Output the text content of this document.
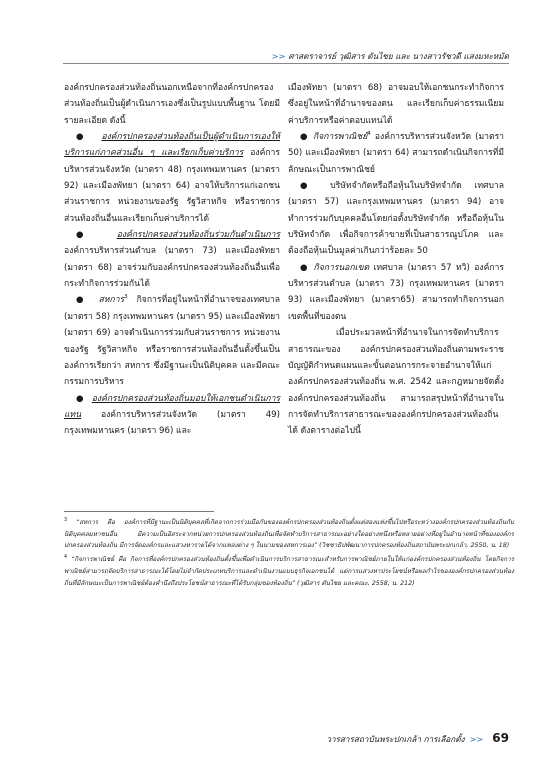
>> ศาสตราจารย์ วุฒิสาร ตันไชย และ นางสาวรัชวดี แสงมหะหมัด

องค์กรปกครองส่วนท้องถิ่นนอกเหนือจากที่องค์กรปกครองส่วนท้องถิ่นเป็นผู้ดำเนินการเองซึ่งเป็นรูปแบบพื้นฐาน โดยมีรายละเอียด ดังนี้

● องค์กรปกครองส่วนท้องถิ่นเป็นผู้ดำเนินการเองให้บริการแก่ภาคส่วนอื่น ๆ และเรียกเก็บค่าบริการ องค์การบริหารส่วนจังหวัด (มาตรา 48) กรุงเทพมหานคร (มาตรา 92) และเมืองพัทยา (มาตรา 64) อาจให้บริการแก่เอกชน ส่วนราชการ หน่วยงานของรัฐ รัฐวิสาหกิจ หรือราชการส่วนท้องถิ่นอื่นและเรียกเก็บค่าบริการได้

● องค์กรปกครองส่วนท้องถิ่นร่วมกันดำเนินการ องค์การบริหารส่วนตำบล (มาตรา 73) และเมืองพัทยา (มาตรา 68) อาจร่วมกับองค์กรปกครองส่วนท้องถิ่นอื่นเพื่อกระทำกิจการร่วมกันได้

● สหการ$^3$ กิจการที่อยู่ในหน้าที่อำนาจของเทศบาล (มาตรา 58) กรุงเทพมหานคร (มาตรา 95) และเมืองพัทยา (มาตรา 69) อาจดำเนินการร่วมกับส่วนราชการ หน่วยงานของรัฐ รัฐวิสาหกิจ หรือราชการส่วนท้องถิ่นอื่นตั้งขึ้นเป็นองค์การเรียกว่า สหการ ซึ่งมีฐานะเป็นนิติบุคคล และมีคณะกรรมการบริหาร

● องค์กรปกครองส่วนท้องถิ่นมอบให้เอกชนดำเนินการแทน องค์การบริหารส่วนจังหวัด (มาตรา 49) กรุงเทพมหานคร (มาตรา 96) และ

เมืองพัทยา (มาตรา 68) อาจมอบให้เอกชนกระทำกิจการซึ่งอยู่ในหน้าที่อำนาจของตน และเรียกเก็บค่าธรรมเนียม ค่าบริการหรือค่าตอบแทนได้

● กิจการพาณิชย์$^4$ องค์การบริหารส่วนจังหวัด (มาตรา 50) และเมืองพัทยา (มาตรา 64) สามารถดำเนินกิจการที่มีลักษณะเป็นการพาณิชย์

● บริษัทจำกัดหรือถือหุ้นในบริษัทจำกัด เทศบาล (มาตรา 57) และกรุงเทพมหานคร (มาตรา 94) อาจทำการร่วมกับบุคคลอื่นโดยก่อตั้งบริษัทจำกัด หรือถือหุ้นในบริษัทจำกัด เพื่อกิจการค้าขายที่เป็นสาธารณูปโภค และต้องถือหุ้นเป็นมูลค่าเกินกว่าร้อยละ 50

● กิจการนอกเขต เทศบาล (มาตรา 57 ทวิ) องค์การบริหารส่วนตำบล (มาตรา 73) กรุงเทพมหานคร (มาตรา 93) และเมืองพัทยา (มาตรา65) สามารถทำกิจการนอกเขตพื้นที่ของตน

เมื่อประมวลหน้าที่อำนาจในการจัดทำบริการสาธารณะของ องค์กรปกครองส่วนท้องถิ่นตามพระราชบัญญัติกำหนดแผนและขั้นตอนการกระจายอำนาจให้แก่องค์กรปกครองส่วนท้องถิ่น พ.ศ. 2542 และกฎหมายจัดตั้งองค์กรปกครองส่วนท้องถิ่น สามารถสรุปหน้าที่อำนาจในการจัดทำบริการสาธารณะขององค์กรปกครองส่วนท้องถิ่นได้ ดังตารางต่อไปนี้

$^3$ “สหการ คือ องค์การที่มีฐานะเป็นนิติบุคคลที่เกิดจากการร่วมมือกันขององค์กรปกครองส่วนท้องถิ่นตั้งแต่สองแห่งขึ้นไปหรือระหว่างองค์กรปกครองส่วนท้องถิ่นกับนิติบุคคลมหาชนอื่น มีความเป็นอิสระจากหน่วยการปกครองส่วนท้องถิ่นเพื่อจัดทำบริการสาธารณะอย่างใดอย่างหนึ่งหรือหลายอย่างที่อยู่ในอำนาจหน้าที่ขององค์กรปกครองส่วนท้องถิ่น มีการจัดองค์กรและแสวงหารายได้จากแหล่งต่าง ๆ ในนามของสหการเอง” (วิชชาธิปพัฒนาการปกครองท้องถิ่นสถาบันพระปกเกล้า, 2550, น. 18)

$^4$ “กิจการพาณิชย์ คือ กิจการที่องค์กรปกครองส่วนท้องถิ่นตั้งขึ้นเพื่อดำเนินการบริการสาธารณะสำหรับการพาณิชย์ภายในให้แก่องค์กรปกครองส่วนท้องถิ่น โดยกิจการพาณิชย์สามารถจัดบริการสาธารณะได้โดยไม่จำกัดประเภทบริการและดำเนินงานแบบธุรกิจเอกชนได้ แต่การแสวงหาประโยชน์หรือผลกำไรขององค์กรปกครองส่วนท้องถิ่นที่มีลักษณะเป็นการพาณิชย์ต้องคำนึงถึงประโยชน์สาธารณะที่ได้รับกลุ่มของท้องถิ่น” (วุฒิสาร ตันไชย และคณะ, 2558, น. 212)

วารสารสถาบันพระปกเกล้า การเลือกตั้ง >> 69
